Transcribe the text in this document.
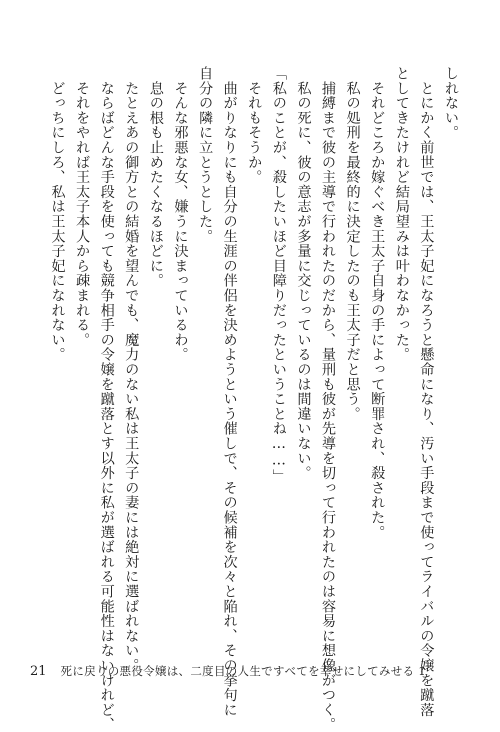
しれない。
　とにかく前世では、王太子妃になろうと懸命になり、汚い手段まで使ってライバルの令嬢を蹴落
としてきたけれど結局望みは叶わなかった。
　それどころか嫁ぐべき王太子自身の手によって断罪され、殺された。
　私の処刑を最終的に決定したのも王太子だと思う。
　捕縛まで彼の主導で行われたのだから、量刑も彼が先導を切って行われたのは容易に想像がつく。
　私の死に、彼の意志が多量に交じっているのは間違いない。
「私のことが、殺したいほど目障りだったということね……」
　それもそうか。
　曲がりなりにも自分の生涯の伴侶を決めようという催しで、その候補を次々と陥れ、その挙句に
自分の隣に立とうとした。
　そんな邪悪な女、嫌うに決まっているわ。
　息の根も止めたくなるほどに。
　たとえあの御方との結婚を望んでも、魔力のない私は王太子の妻には絶対に選ばれない。
　ならばどんな手段を使っても競争相手の令嬢を蹴落とす以外に私が選ばれる可能性はないけれど、
　それをやれば王太子本人から疎まれる。
　どっちにしろ、私は王太子妃になれない。
21 死に戻りの悪役令嬢は、二度目の人生ですべてを幸せにしてみせる 1
